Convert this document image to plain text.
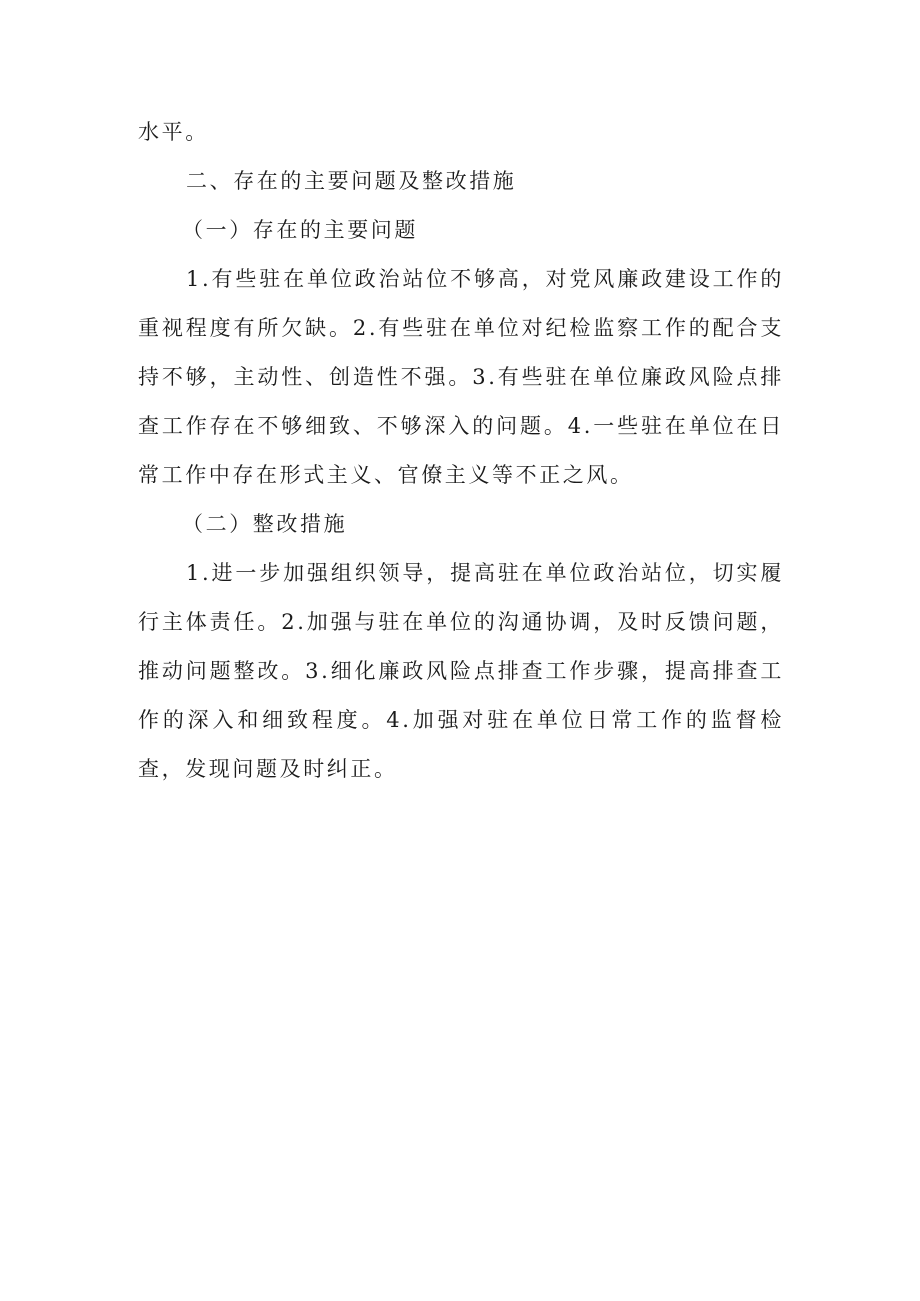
水平。

二、存在的主要问题及整改措施

（一）存在的主要问题

1.有些驻在单位政治站位不够高，对党风廉政建设工作的重视程度有所欠缺。2.有些驻在单位对纪检监察工作的配合支持不够，主动性、创造性不强。3.有些驻在单位廉政风险点排查工作存在不够细致、不够深入的问题。4.一些驻在单位在日常工作中存在形式主义、官僚主义等不正之风。

（二）整改措施

1.进一步加强组织领导，提高驻在单位政治站位，切实履行主体责任。2.加强与驻在单位的沟通协调，及时反馈问题，推动问题整改。3.细化廉政风险点排查工作步骤，提高排查工作的深入和细致程度。4.加强对驻在单位日常工作的监督检查，发现问题及时纠正。
